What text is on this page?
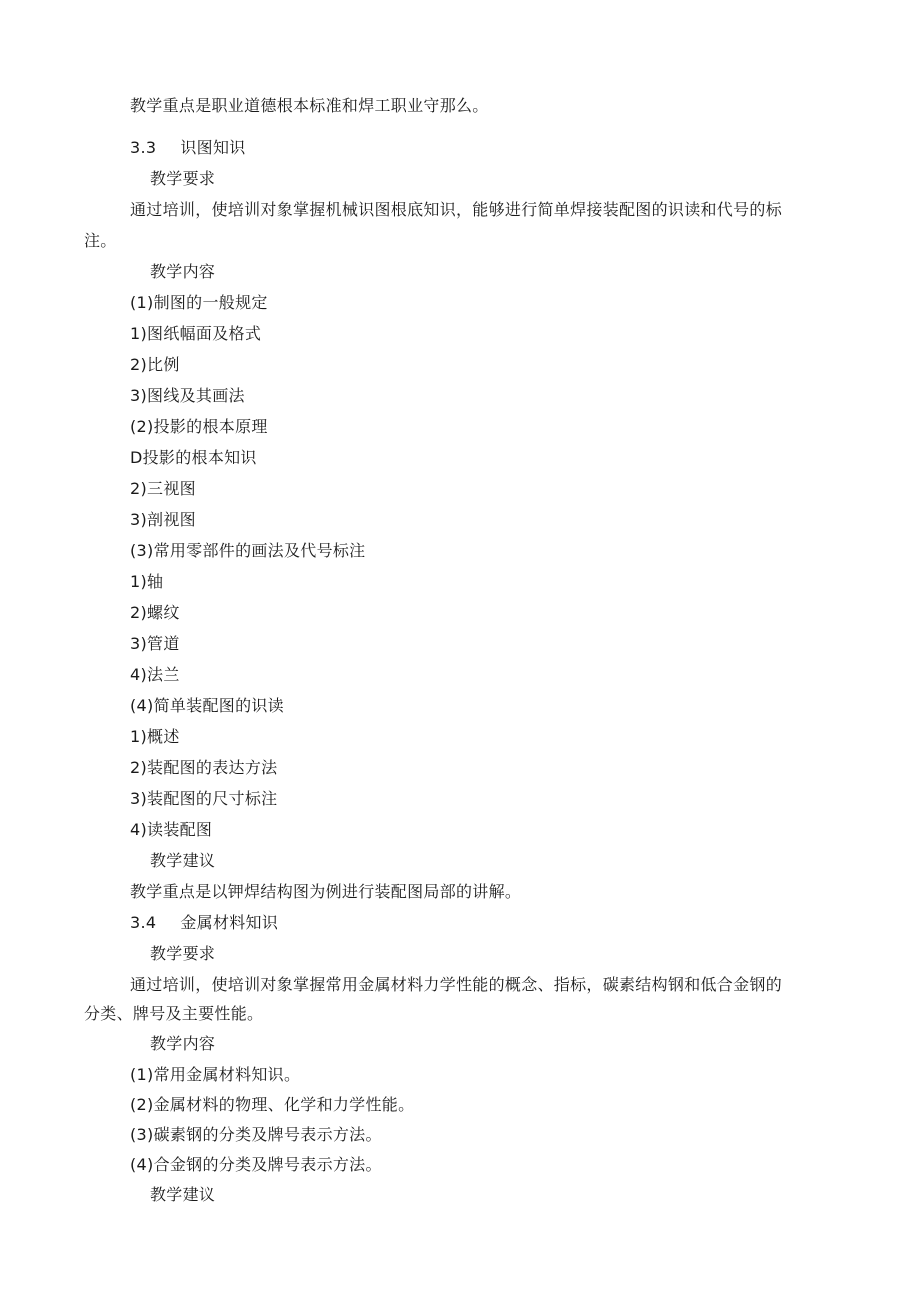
教学重点是职业道德根本标准和焊工职业守那么。
3.3 识图知识
教学要求
通过培训，使培训对象掌握机械识图根底知识，能够进行简单焊接装配图的识读和代号的标
注。
教学内容
(1)制图的一般规定
1)图纸幅面及格式
2)比例
3)图线及其画法
(2)投影的根本原理
D投影的根本知识
2)三视图
3)剖视图
(3)常用零部件的画法及代号标注
1)轴
2)螺纹
3)管道
4)法兰
(4)简单装配图的识读
1)概述
2)装配图的表达方法
3)装配图的尺寸标注
4)读装配图
教学建议
教学重点是以钾焊结构图为例进行装配图局部的讲解。
3.4 金属材料知识
教学要求
通过培训，使培训对象掌握常用金属材料力学性能的概念、指标，碳素结构钢和低合金钢的
分类、牌号及主要性能。
教学内容
(1)常用金属材料知识。
(2)金属材料的物理、化学和力学性能。
(3)碳素钢的分类及牌号表示方法。
(4)合金钢的分类及牌号表示方法。
教学建议
